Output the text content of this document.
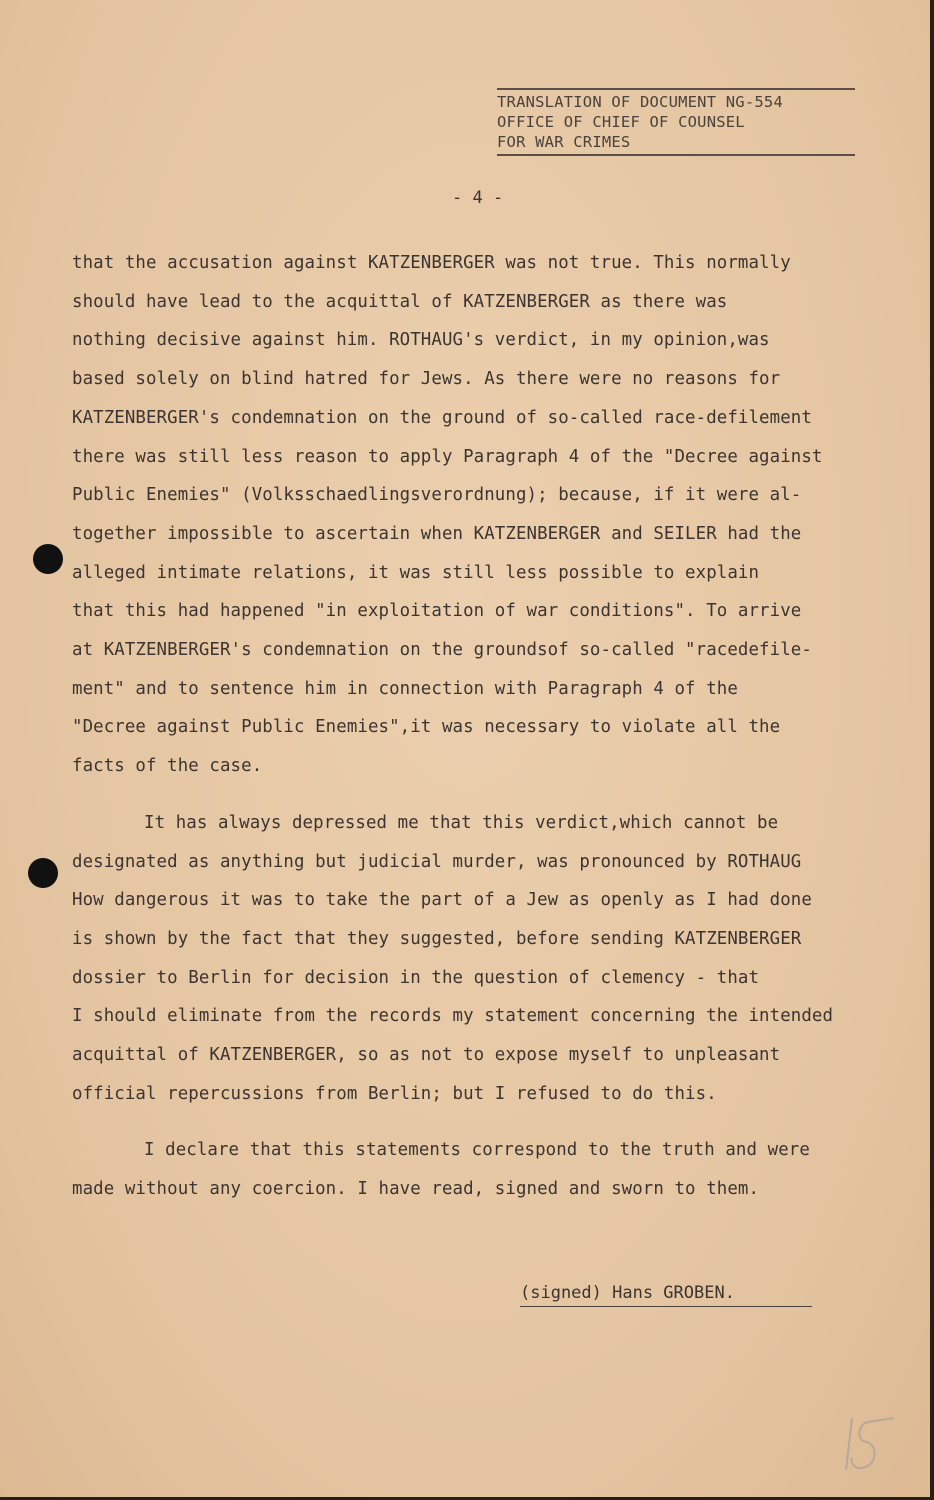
TRANSLATION OF DOCUMENT NG-554
OFFICE OF CHIEF OF COUNSEL
FOR WAR CRIMES
- 4 -
that the accusation against KATZENBERGER was not true. This normally
should have lead to the acquittal of KATZENBERGER as there was
nothing decisive against him. ROTHAUG's verdict, in my opinion,was
based solely on blind hatred for Jews. As there were no reasons for
KATZENBERGER's condemnation on the ground of so-called race-defilement
there was still less reason to apply Paragraph 4 of the "Decree against
Public Enemies" (Volksschaedlingsverordnung); because, if it were al-
together impossible to ascertain when KATZENBERGER and SEILER had the
alleged intimate relations, it was still less possible to explain
that this had happened "in exploitation of war conditions". To arrive
at KATZENBERGER's condemnation on the groundsof so-called "racedefile-
ment" and to sentence him in connection with Paragraph 4 of the
"Decree against Public Enemies",it was necessary to violate all the
facts of the case.
It has always depressed me that this verdict,which cannot be
designated as anything but judicial murder, was pronounced by ROTHAUG
How dangerous it was to take the part of a Jew as openly as I had done
is shown by the fact that they suggested, before sending KATZENBERGER
dossier to Berlin for decision in the question of clemency - that
I should eliminate from the records my statement concerning the intended
acquittal of KATZENBERGER, so as not to expose myself to unpleasant
official repercussions from Berlin; but I refused to do this.
I declare that this statements correspond to the truth and were
made without any coercion. I have read, signed and sworn to them.
(signed) Hans GROBEN.
